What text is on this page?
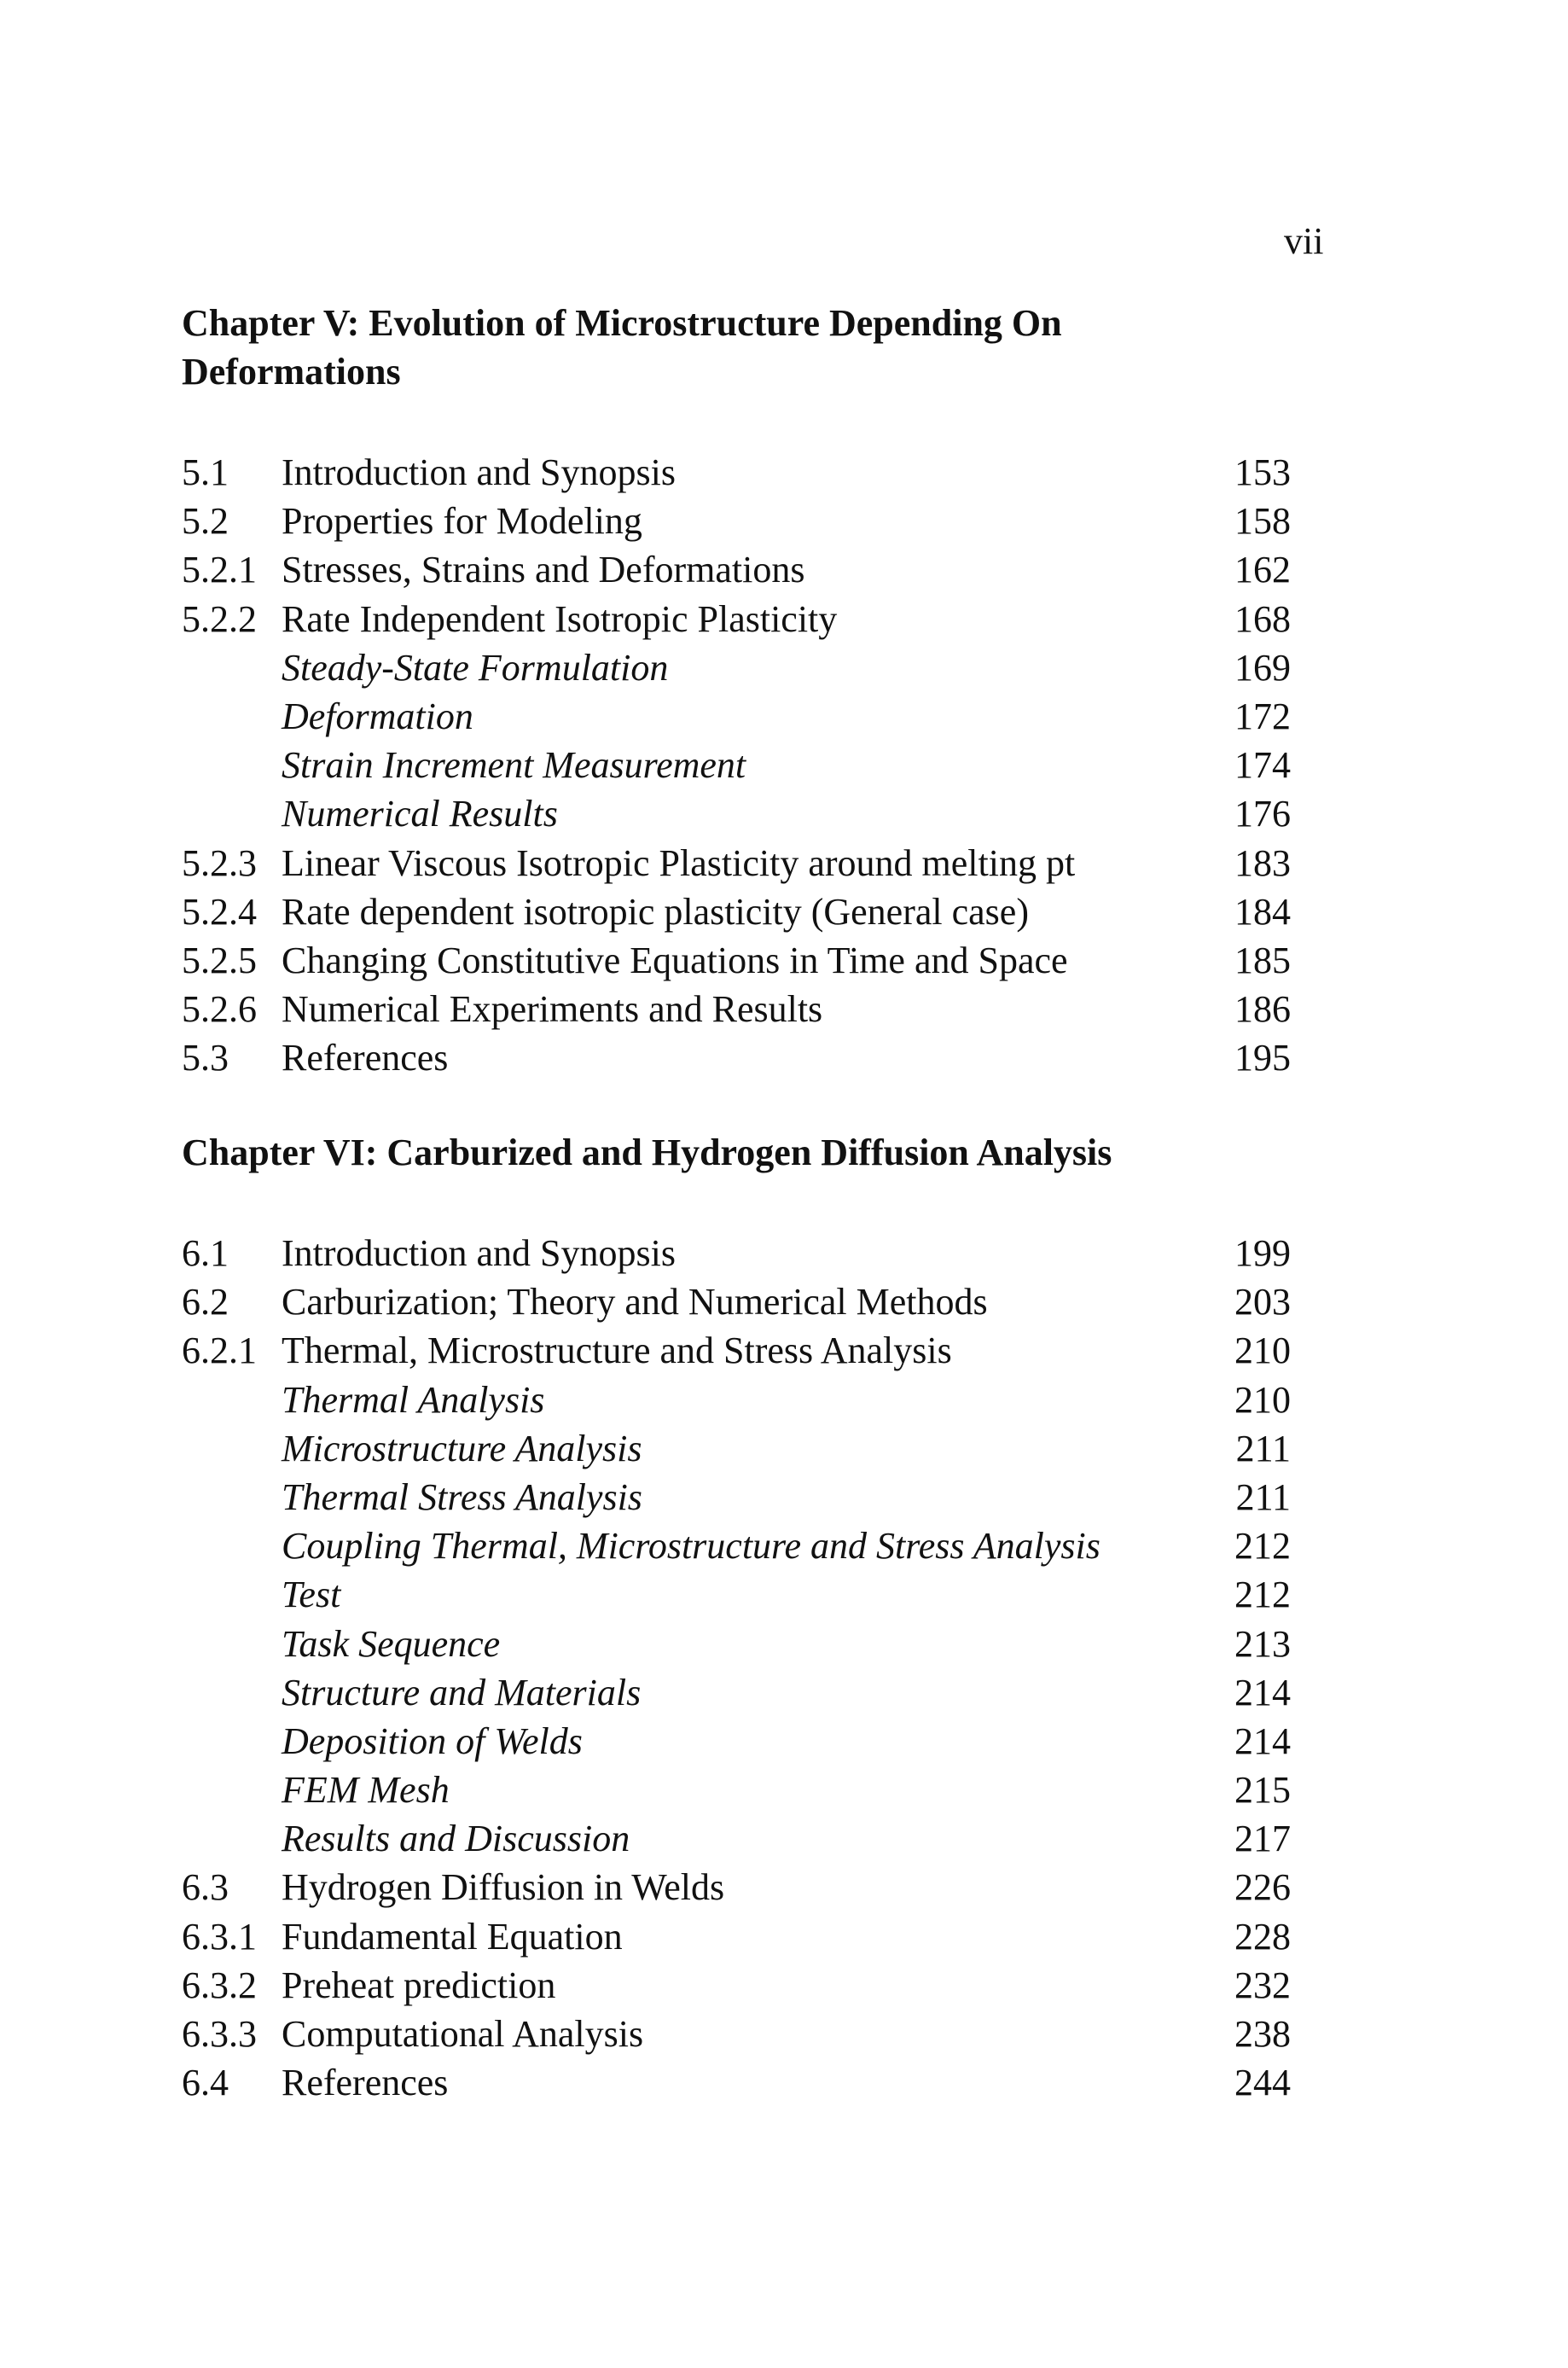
vii
Chapter V: Evolution of Microstructure Depending On
Deformations
5.1 Introduction and Synopsis	153
5.2 Properties for Modeling	158
5.2.1 Stresses, Strains and Deformations	162
5.2.2 Rate Independent Isotropic Plasticity	168
Steady-State Formulation	169
Deformation	172
Strain Increment Measurement	174
Numerical Results	176
5.2.3 Linear Viscous Isotropic Plasticity around melting pt	183
5.2.4 Rate dependent isotropic plasticity (General case)	184
5.2.5 Changing Constitutive Equations in Time and Space	185
5.2.6 Numerical Experiments and Results	186
5.3 References	195
Chapter VI: Carburized and Hydrogen Diffusion Analysis
6.1 Introduction and Synopsis	199
6.2 Carburization; Theory and Numerical Methods	203
6.2.1 Thermal, Microstructure and Stress Analysis	210
Thermal Analysis	210
Microstructure Analysis	211
Thermal Stress Analysis	211
Coupling Thermal, Microstructure and Stress Analysis	212
Test	212
Task Sequence	213
Structure and Materials	214
Deposition of Welds	214
FEM Mesh	215
Results and Discussion	217
6.3 Hydrogen Diffusion in Welds	226
6.3.1 Fundamental Equation	228
6.3.2 Preheat prediction	232
6.3.3 Computational Analysis	238
6.4 References	244
